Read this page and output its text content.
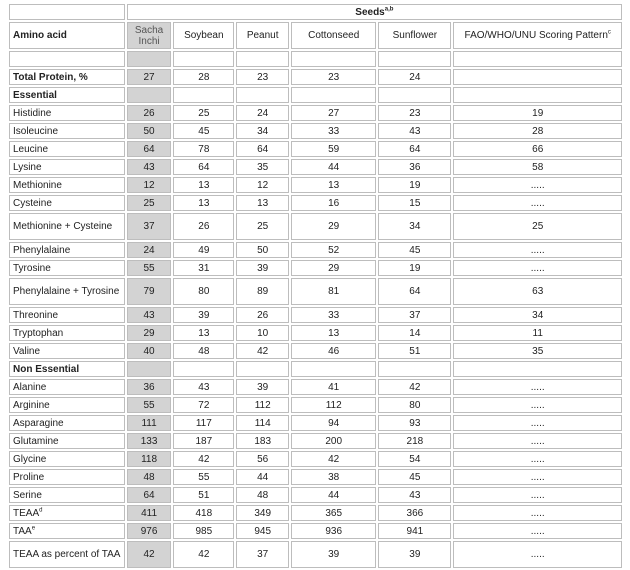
	Seeds$^{a,b}$
Amino acid	Sacha Inchi	Soybean	Peanut	Cottonseed	Sunflower	FAO/WHO/UNU Scoring Pattern$^c$

Total Protein, %	27	28	23	23	24	
Essential						
Histidine	26	25	24	27	23	19
Isoleucine	50	45	34	33	43	28
Leucine	64	78	64	59	64	66
Lysine	43	64	35	44	36	58
Methionine	12	13	12	13	19	.....
Cysteine	25	13	13	16	15	.....
Methionine + Cysteine	37	26	25	29	34	25
Phenylalaine	24	49	50	52	45	.....
Tyrosine	55	31	39	29	19	.....
Phenylalaine + Tyrosine	79	80	89	81	64	63
Threonine	43	39	26	33	37	34
Tryptophan	29	13	10	13	14	11
Valine	40	48	42	46	51	35
Non Essential						
Alanine	36	43	39	41	42	.....
Arginine	55	72	112	112	80	.....
Asparagine	111	117	114	94	93	.....
Glutamine	133	187	183	200	218	.....
Glycine	118	42	56	42	54	.....
Proline	48	55	44	38	45	.....
Serine	64	51	48	44	43	.....
TEAA$^d$	411	418	349	365	366	.....
TAA$^e$	976	985	945	936	941	.....
TEAA as percent of TAA	42	42	37	39	39	.....
